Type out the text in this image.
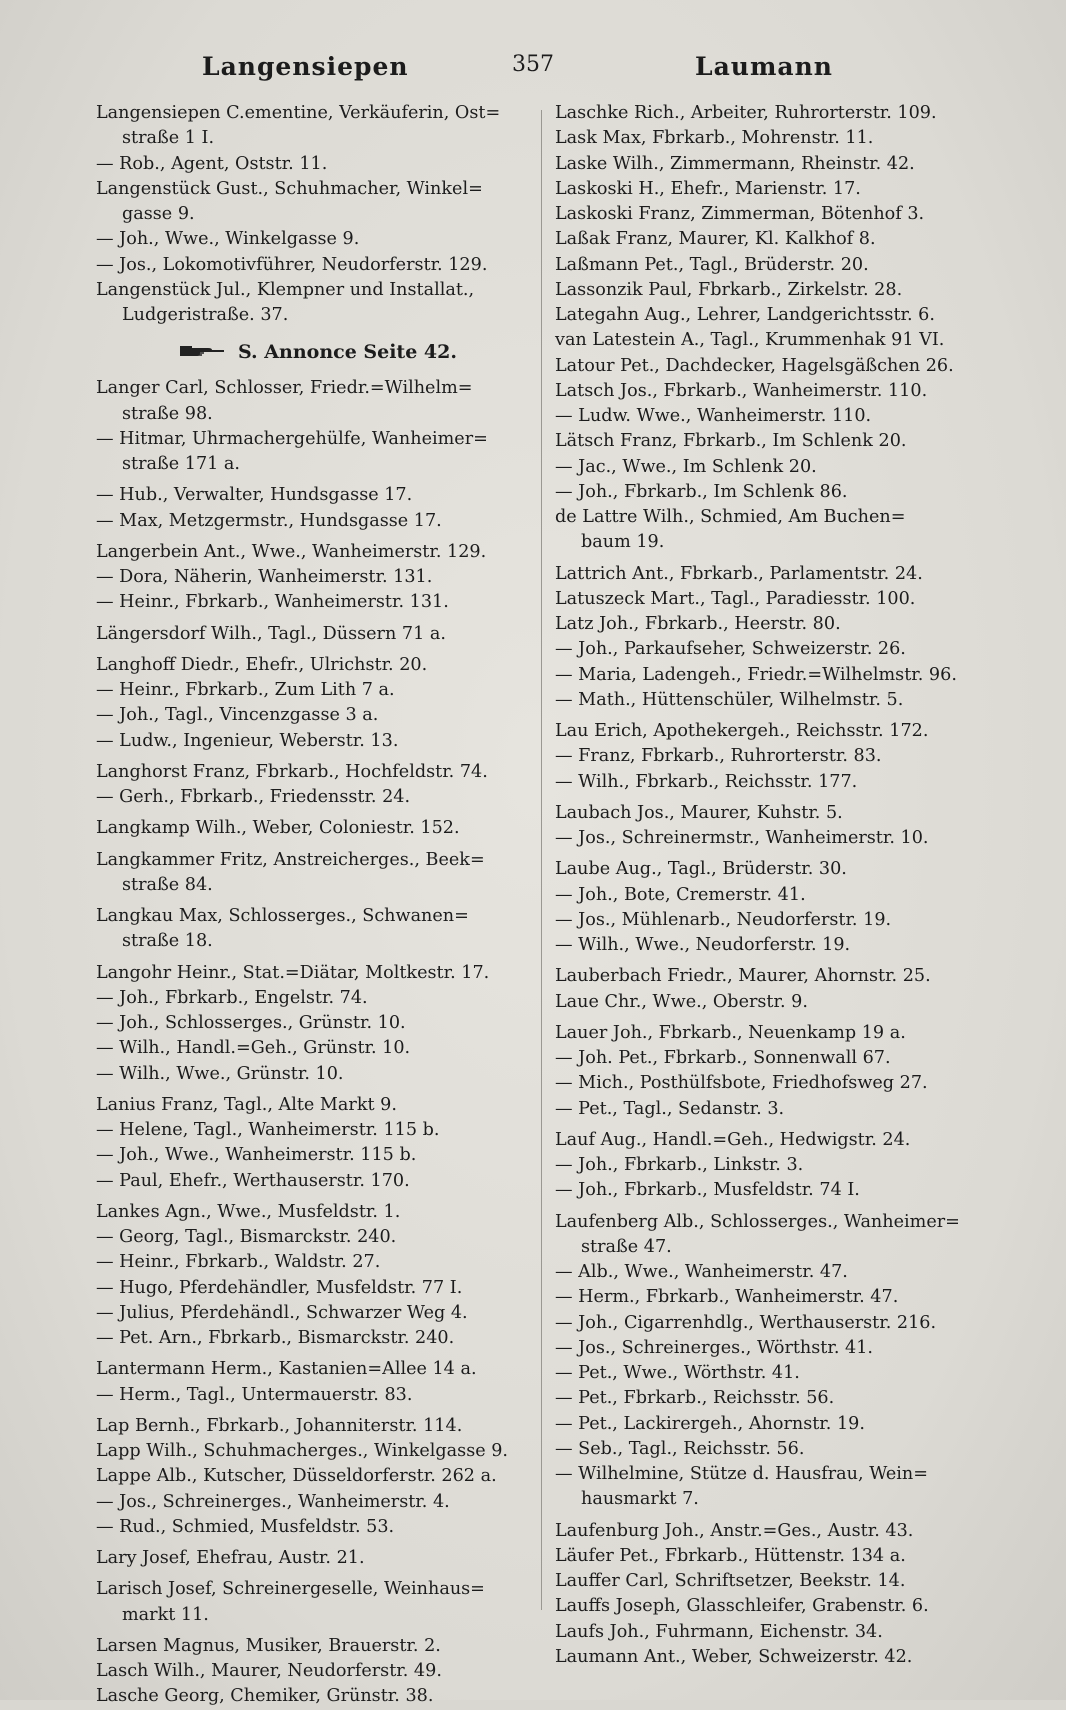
Langensiepen	357	Laumann
Langensiepen C.ementine, Verkäuferin, Ost=
straße 1 I.
— Rob., Agent, Oststr. 11.
Langenstück Gust., Schuhmacher, Winkel=
gasse 9.
— Joh., Wwe., Winkelgasse 9.
— Jos., Lokomotivführer, Neudorferstr. 129.
Langenstück Jul., Klempner und Installat.,
Ludgeristraße. 37.
S. Annonce Seite 42.
Langer Carl, Schlosser, Friedr.=Wilhelm=
straße 98.
— Hitmar, Uhrmachergehülfe, Wanheimer=
straße 171 a.
— Hub., Verwalter, Hundsgasse 17.
— Max, Metzgermstr., Hundsgasse 17.
Langerbein Ant., Wwe., Wanheimerstr. 129.
— Dora, Näherin, Wanheimerstr. 131.
— Heinr., Fbrkarb., Wanheimerstr. 131.
Längersdorf Wilh., Tagl., Düssern 71 a.
Langhoff Diedr., Ehefr., Ulrichstr. 20.
— Heinr., Fbrkarb., Zum Lith 7 a.
— Joh., Tagl., Vincenzgasse 3 a.
— Ludw., Ingenieur, Weberstr. 13.
Langhorst Franz, Fbrkarb., Hochfeldstr. 74.
— Gerh., Fbrkarb., Friedensstr. 24.
Langkamp Wilh., Weber, Coloniestr. 152.
Langkammer Fritz, Anstreicherges., Beek=
straße 84.
Langkau Max, Schlosserges., Schwanen=
straße 18.
Langohr Heinr., Stat.=Diätar, Moltkestr. 17.
— Joh., Fbrkarb., Engelstr. 74.
— Joh., Schlosserges., Grünstr. 10.
— Wilh., Handl.=Geh., Grünstr. 10.
— Wilh., Wwe., Grünstr. 10.
Lanius Franz, Tagl., Alte Markt 9.
— Helene, Tagl., Wanheimerstr. 115 b.
— Joh., Wwe., Wanheimerstr. 115 b.
— Paul, Ehefr., Werthauserstr. 170.
Lankes Agn., Wwe., Musfeldstr. 1.
— Georg, Tagl., Bismarckstr. 240.
— Heinr., Fbrkarb., Waldstr. 27.
— Hugo, Pferdehändler, Musfeldstr. 77 I.
— Julius, Pferdehändl., Schwarzer Weg 4.
— Pet. Arn., Fbrkarb., Bismarckstr. 240.
Lantermann Herm., Kastanien=Allee 14 a.
— Herm., Tagl., Untermauerstr. 83.
Lap Bernh., Fbrkarb., Johanniterstr. 114.
Lapp Wilh., Schuhmacherges., Winkelgasse 9.
Lappe Alb., Kutscher, Düsseldorferstr. 262 a.
— Jos., Schreinerges., Wanheimerstr. 4.
— Rud., Schmied, Musfeldstr. 53.
Lary Josef, Ehefrau, Austr. 21.
Larisch Josef, Schreinergeselle, Weinhaus=
markt 11.
Larsen Magnus, Musiker, Brauerstr. 2.
Lasch Wilh., Maurer, Neudorferstr. 49.
Lasche Georg, Chemiker, Grünstr. 38.
Laschke Rich., Arbeiter, Ruhrorterstr. 109.
Lask Max, Fbrkarb., Mohrenstr. 11.
Laske Wilh., Zimmermann, Rheinstr. 42.
Laskoski H., Ehefr., Marienstr. 17.
Laskoski Franz, Zimmerman, Bötenhof 3.
Laßak Franz, Maurer, Kl. Kalkhof 8.
Laßmann Pet., Tagl., Brüderstr. 20.
Lassonzik Paul, Fbrkarb., Zirkelstr. 28.
Lategahn Aug., Lehrer, Landgerichtsstr. 6.
van Latestein A., Tagl., Krummenhak 91 VI.
Latour Pet., Dachdecker, Hagelsgäßchen 26.
Latsch Jos., Fbrkarb., Wanheimerstr. 110.
— Ludw. Wwe., Wanheimerstr. 110.
Lätsch Franz, Fbrkarb., Im Schlenk 20.
— Jac., Wwe., Im Schlenk 20.
— Joh., Fbrkarb., Im Schlenk 86.
de Lattre Wilh., Schmied, Am Buchen=
baum 19.
Lattrich Ant., Fbrkarb., Parlamentstr. 24.
Latuszeck Mart., Tagl., Paradiesstr. 100.
Latz Joh., Fbrkarb., Heerstr. 80.
— Joh., Parkaufseher, Schweizerstr. 26.
— Maria, Ladengeh., Friedr.=Wilhelmstr. 96.
— Math., Hüttenschüler, Wilhelmstr. 5.
Lau Erich, Apothekergeh., Reichsstr. 172.
— Franz, Fbrkarb., Ruhrorterstr. 83.
— Wilh., Fbrkarb., Reichsstr. 177.
Laubach Jos., Maurer, Kuhstr. 5.
— Jos., Schreinermstr., Wanheimerstr. 10.
Laube Aug., Tagl., Brüderstr. 30.
— Joh., Bote, Cremerstr. 41.
— Jos., Mühlenarb., Neudorferstr. 19.
— Wilh., Wwe., Neudorferstr. 19.
Lauberbach Friedr., Maurer, Ahornstr. 25.
Laue Chr., Wwe., Oberstr. 9.
Lauer Joh., Fbrkarb., Neuenkamp 19 a.
— Joh. Pet., Fbrkarb., Sonnenwall 67.
— Mich., Posthülfsbote, Friedhofsweg 27.
— Pet., Tagl., Sedanstr. 3.
Lauf Aug., Handl.=Geh., Hedwigstr. 24.
— Joh., Fbrkarb., Linkstr. 3.
— Joh., Fbrkarb., Musfeldstr. 74 I.
Laufenberg Alb., Schlosserges., Wanheimer=
straße 47.
— Alb., Wwe., Wanheimerstr. 47.
— Herm., Fbrkarb., Wanheimerstr. 47.
— Joh., Cigarrenhdlg., Werthauserstr. 216.
— Jos., Schreinerges., Wörthstr. 41.
— Pet., Wwe., Wörthstr. 41.
— Pet., Fbrkarb., Reichsstr. 56.
— Pet., Lackirergeh., Ahornstr. 19.
— Seb., Tagl., Reichsstr. 56.
— Wilhelmine, Stütze d. Hausfrau, Wein=
hausmarkt 7.
Laufenburg Joh., Anstr.=Ges., Austr. 43.
Läufer Pet., Fbrkarb., Hüttenstr. 134 a.
Lauffer Carl, Schriftsetzer, Beekstr. 14.
Lauffs Joseph, Glasschleifer, Grabenstr. 6.
Laufs Joh., Fuhrmann, Eichenstr. 34.
Laumann Ant., Weber, Schweizerstr. 42.
